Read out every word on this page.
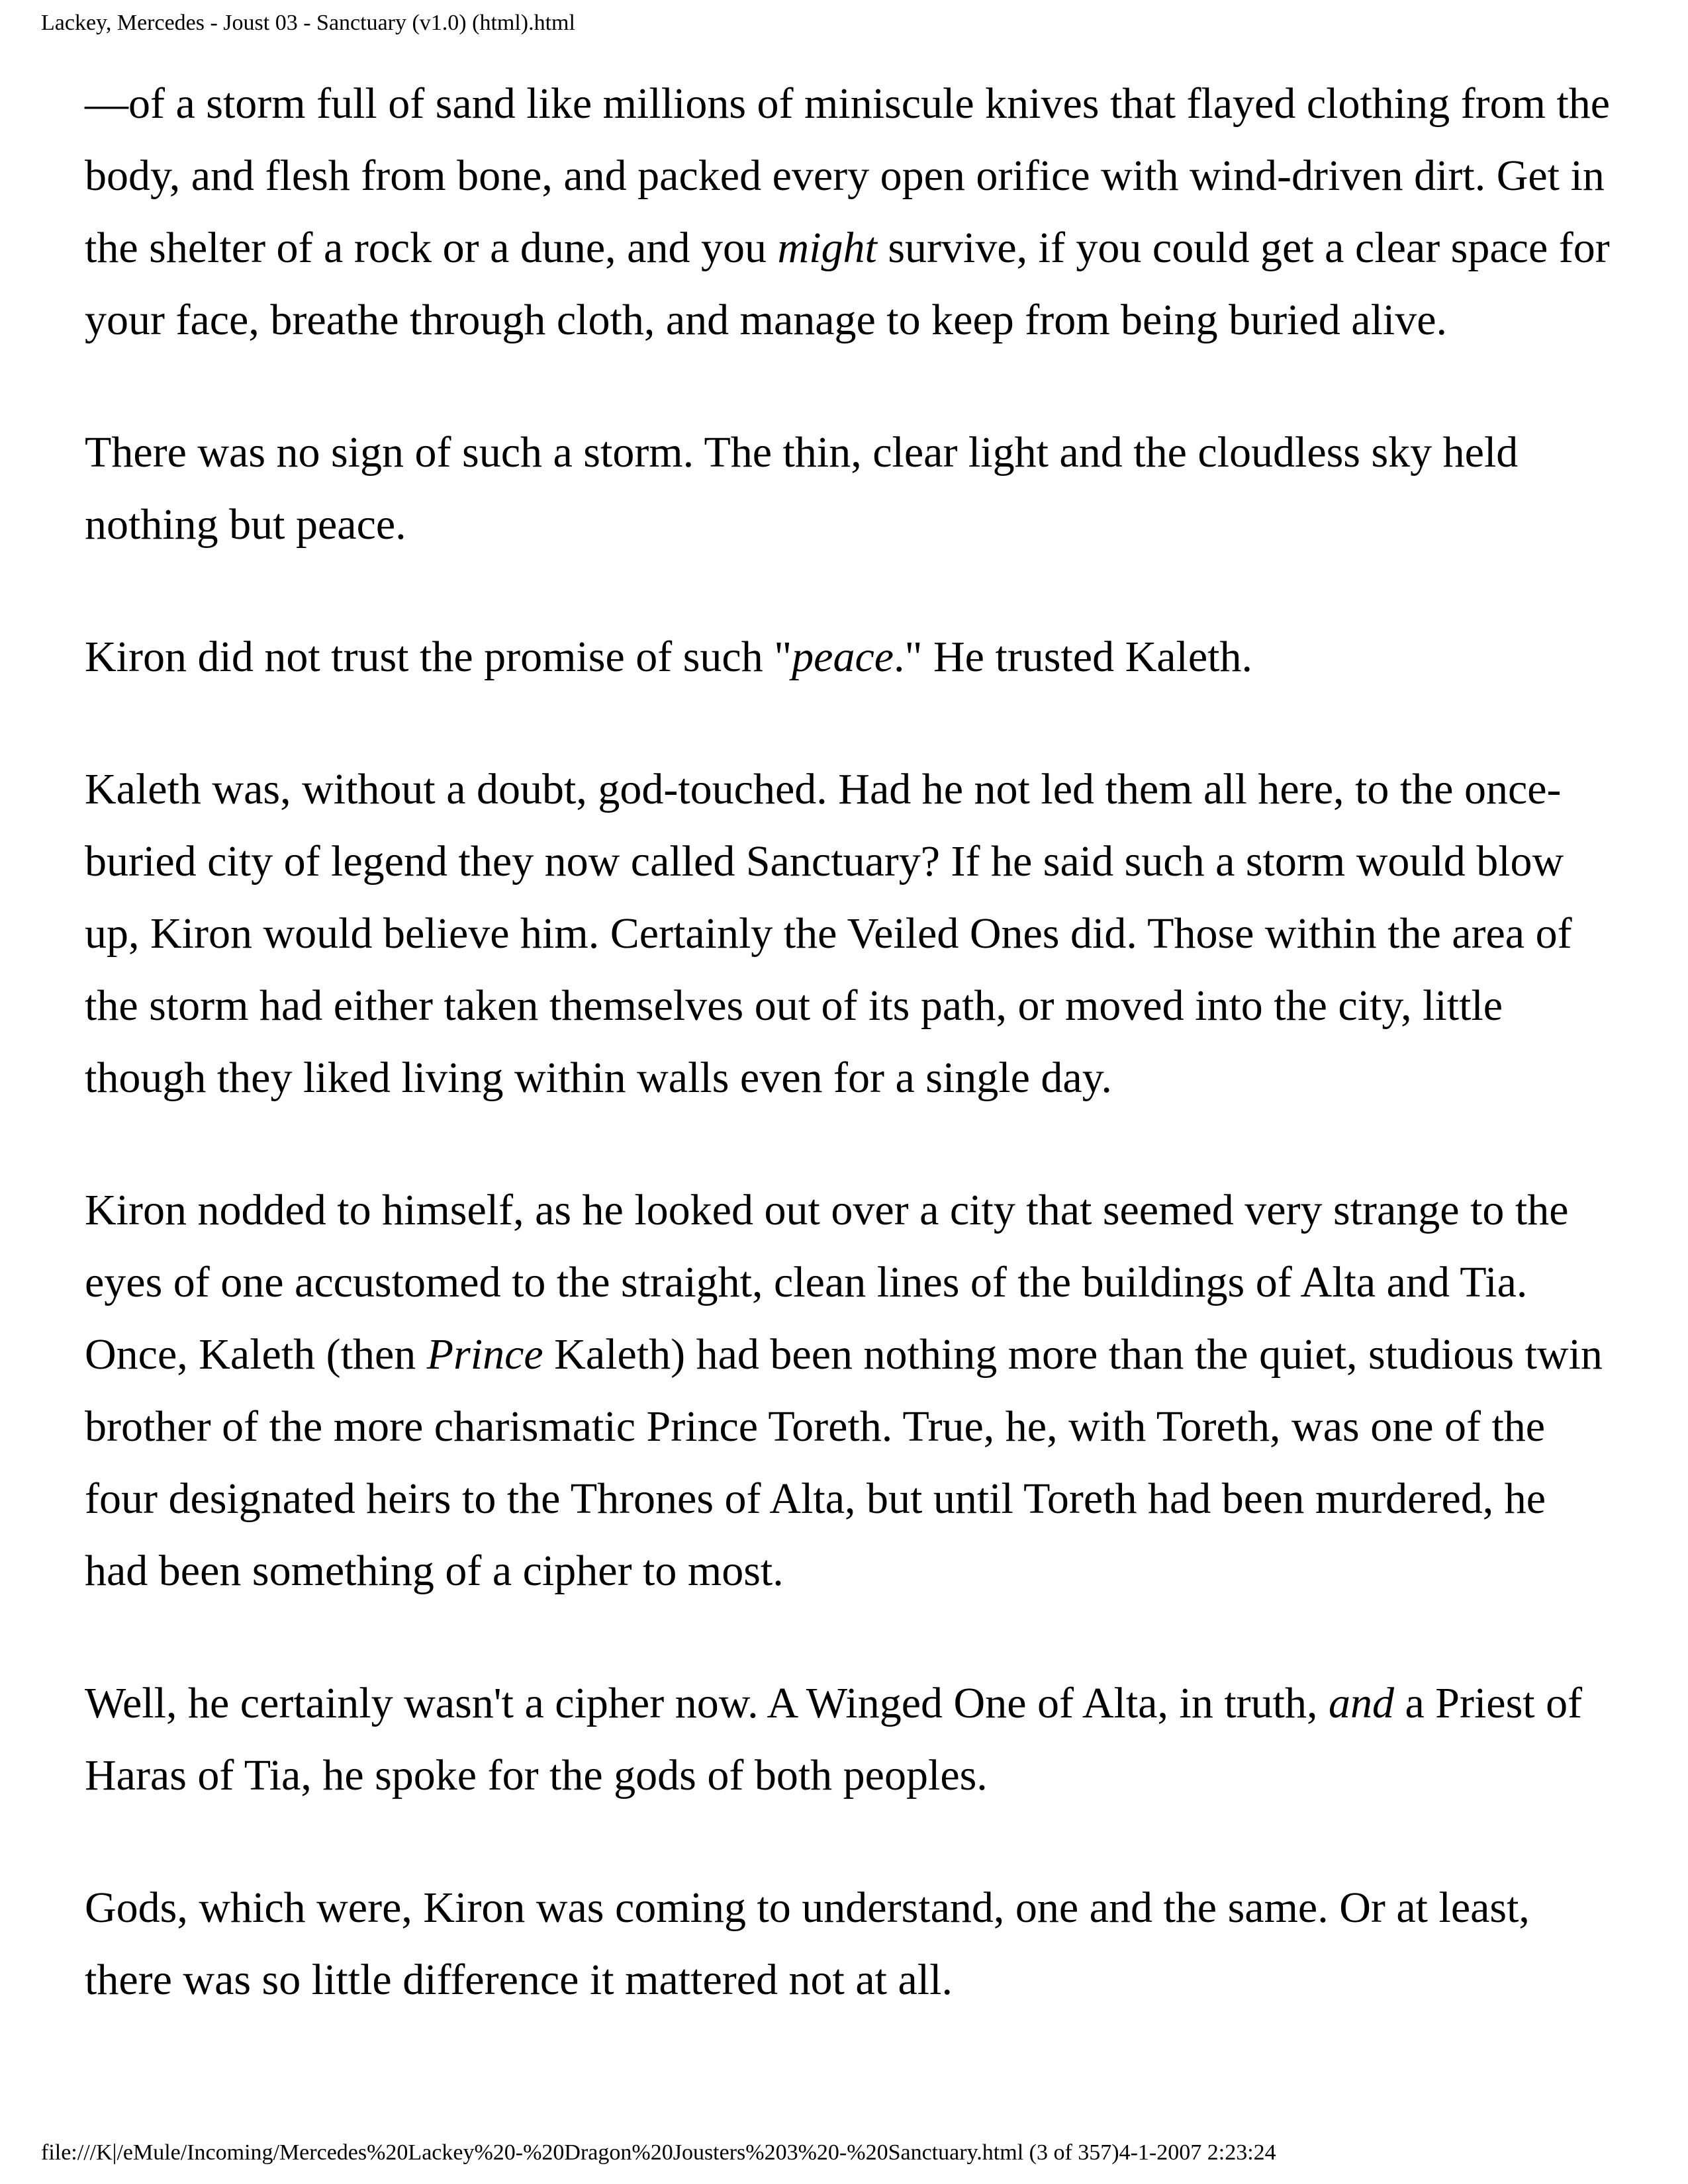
Lackey, Mercedes - Joust 03 - Sanctuary (v1.0) (html).html

—of a storm full of sand like millions of miniscule knives that flayed clothing from the body, and flesh from bone, and packed every open orifice with wind-driven dirt. Get in the shelter of a rock or a dune, and you might survive, if you could get a clear space for your face, breathe through cloth, and manage to keep from being buried alive.

There was no sign of such a storm. The thin, clear light and the cloudless sky held nothing but peace.

Kiron did not trust the promise of such "peace." He trusted Kaleth.

Kaleth was, without a doubt, god-touched. Had he not led them all here, to the once-buried city of legend they now called Sanctuary? If he said such a storm would blow up, Kiron would believe him. Certainly the Veiled Ones did. Those within the area of the storm had either taken themselves out of its path, or moved into the city, little though they liked living within walls even for a single day.

Kiron nodded to himself, as he looked out over a city that seemed very strange to the eyes of one accustomed to the straight, clean lines of the buildings of Alta and Tia. Once, Kaleth (then Prince Kaleth) had been nothing more than the quiet, studious twin brother of the more charismatic Prince Toreth. True, he, with Toreth, was one of the four designated heirs to the Thrones of Alta, but until Toreth had been murdered, he had been something of a cipher to most.

Well, he certainly wasn't a cipher now. A Winged One of Alta, in truth, and a Priest of Haras of Tia, he spoke for the gods of both peoples.

Gods, which were, Kiron was coming to understand, one and the same. Or at least, there was so little difference it mattered not at all.

file:///K|/eMule/Incoming/Mercedes%20Lackey%20-%20Dragon%20Jousters%203%20-%20Sanctuary.html (3 of 357)4-1-2007 2:23:24
